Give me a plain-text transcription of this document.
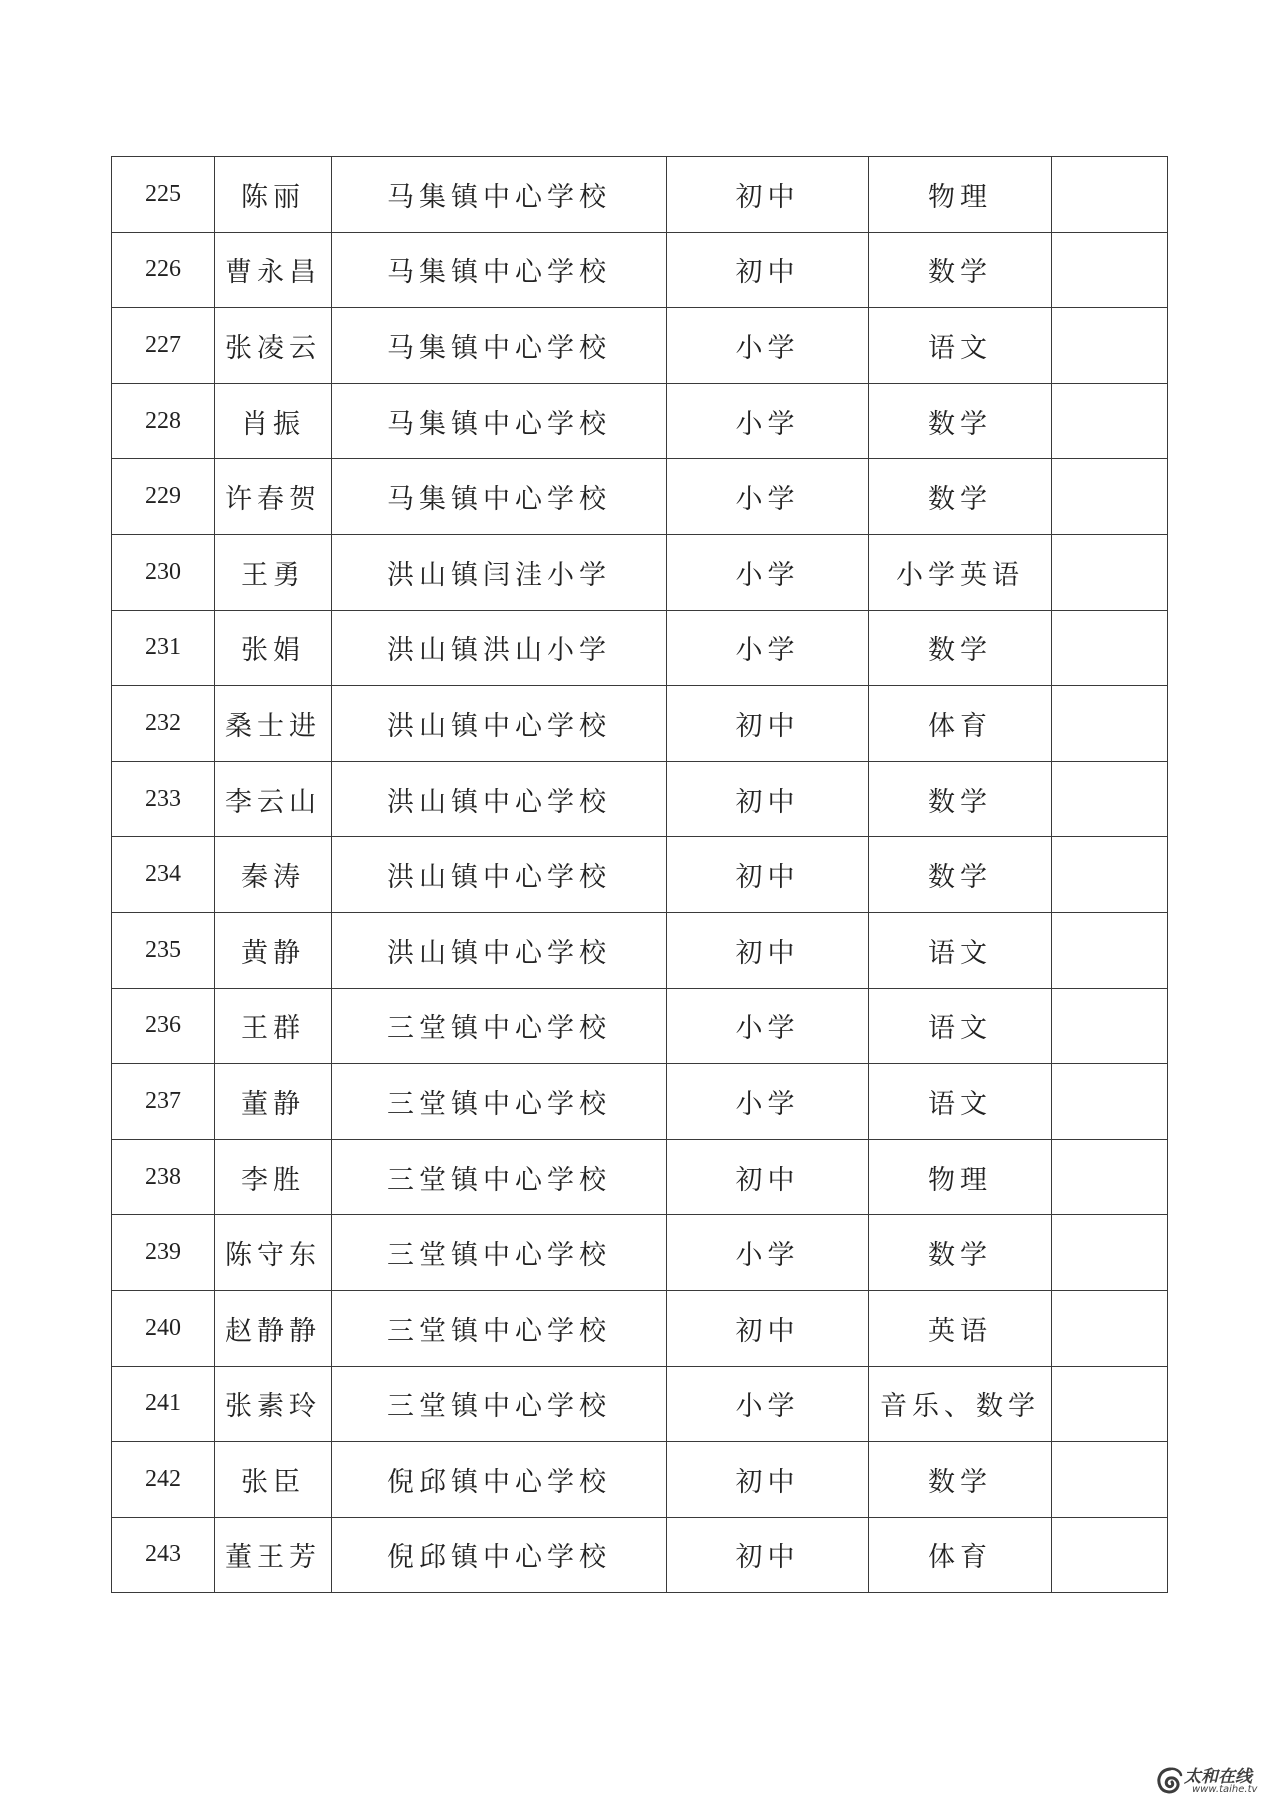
225	陈丽	马集镇中心学校	初中	物理	
226	曹永昌	马集镇中心学校	初中	数学	
227	张凌云	马集镇中心学校	小学	语文	
228	肖振	马集镇中心学校	小学	数学	
229	许春贺	马集镇中心学校	小学	数学	
230	王勇	洪山镇闫洼小学	小学	小学英语	
231	张娟	洪山镇洪山小学	小学	数学	
232	桑士进	洪山镇中心学校	初中	体育	
233	李云山	洪山镇中心学校	初中	数学	
234	秦涛	洪山镇中心学校	初中	数学	
235	黄静	洪山镇中心学校	初中	语文	
236	王群	三堂镇中心学校	小学	语文	
237	董静	三堂镇中心学校	小学	语文	
238	李胜	三堂镇中心学校	初中	物理	
239	陈守东	三堂镇中心学校	小学	数学	
240	赵静静	三堂镇中心学校	初中	英语	
241	张素玲	三堂镇中心学校	小学	音乐、数学	
242	张臣	倪邱镇中心学校	初中	数学	
243	董王芳	倪邱镇中心学校	初中	体育	
太和在线
www.taihe.tv
